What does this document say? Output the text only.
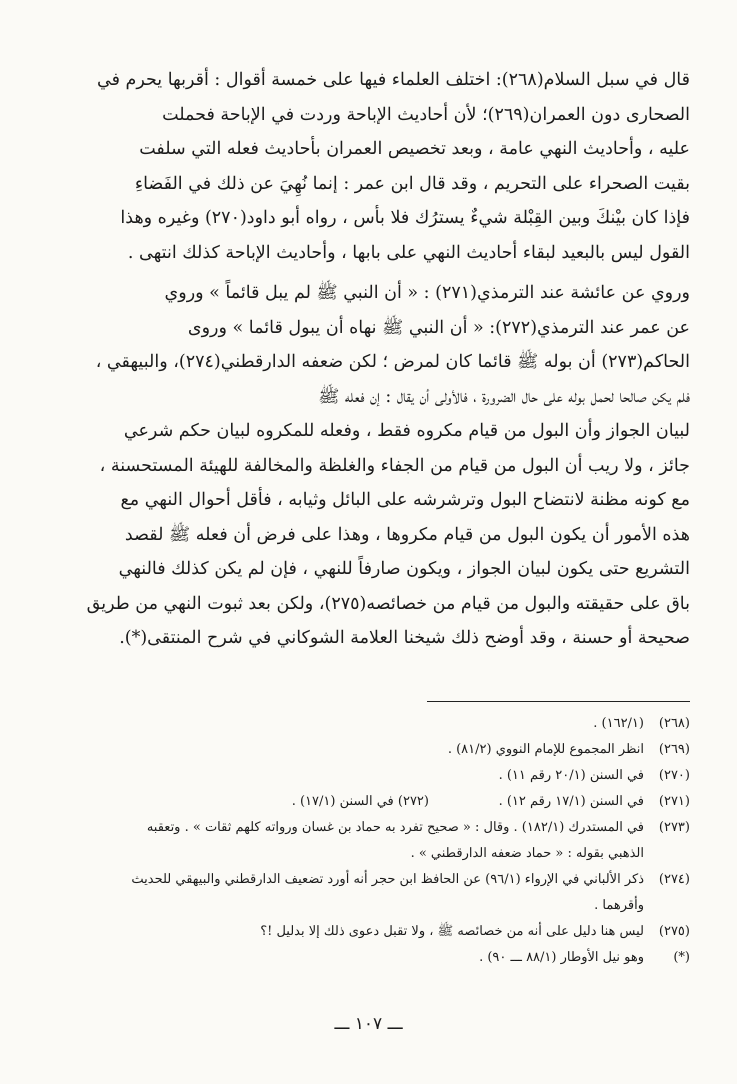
قال في سبل السلام(٢٦٨): اختلف العلماء فيها على خمسة أقوال : أقربها يحرم في

الصحارى دون العمران(٢٦٩)؛ لأن أحاديث الإباحة وردت في الإباحة فحملت

عليه ، وأحاديث النهي عامة ، وبعد تخصيص العمران بأحاديث فعله التي سلفت

بقيت الصحراء على التحريم ، وقد قال ابن عمر : إنما نُهِيَ عن ذلك في الفَضاءِ

فإذا كان بيْنكَ وبين القِبْلة شيءٌ يسترُك فلا بأس ، رواه أبو داود(٢٧٠) وغيره وهذا

القول ليس بالبعيد لبقاء أحاديث النهي على بابها ، وأحاديث الإباحة كذلك انتهى .

وروي عن عائشة عند الترمذي(٢٧١) : « أن النبي ﷺ لم يبل قائماً » وروي

عن عمر عند الترمذي(٢٧٢): « أن النبي ﷺ نهاه أن يبول قائما » وروى

الحاكم(٢٧٣) أن بوله ﷺ قائما كان لمرض ؛ لكن ضعفه الدارقطني(٢٧٤)، والبيهقي ،

فلم يكن صالحا لحمل بوله على حال الضرورة ، فالأولى أن يقال : إن فعله ﷺ

لبيان الجواز وأن البول من قيام مكروه فقط ، وفعله للمكروه لبيان حكم شرعي

جائز ، ولا ريب أن البول من قيام من الجفاء والغلظة والمخالفة للهيئة المستحسنة ،

مع كونه مظنة لانتضاح البول وترشرشه على البائل وثيابه ، فأقل أحوال النهي مع

هذه الأمور أن يكون البول من قيام مكروها ، وهذا على فرض أن فعله ﷺ لقصد

التشريع حتى يكون لبيان الجواز ، ويكون صارفاً للنهي ، فإن لم يكن كذلك فالنهي

باق على حقيقته والبول من قيام من خصائصه(٢٧٥)، ولكن بعد ثبوت النهي من طريق

صحيحة أو حسنة ، وقد أوضح ذلك شيخنا العلامة الشوكاني في شرح المنتقى(*).

(٢٦٨)
(١٦٢/١) .
(٢٦٩)
انظر المجموع للإمام النووي (٨١/٢) .
(٢٧٠)
في السنن (٢٠/١ رقم ١١) .
(٢٧١)
في السنن (١٧/١ رقم ١٢) .
(٢٧٢) في السنن (١٧/١) .
(٢٧٣)
في المستدرك (١٨٢/١) . وقال : « صحيح تفرد به حماد بن غسان ورواته كلهم ثقات » . وتعقبه
الذهبي بقوله : « حماد ضعفه الدارقطني » .
(٢٧٤)
ذكر الألباني في الإرواء (٩٦/١) عن الحافظ ابن حجر أنه أورد تضعيف الدارقطني والبيهقي للحديث
وأقرهما .
(٢٧٥)
ليس هنا دليل على أنه من خصائصه ﷺ ، ولا تقبل دعوى ذلك إلا بدليل !؟
(*)
وهو نيل الأوطار (٨٨/١ ـــ ٩٠) .
ـــ ١٠٧ ـــ
